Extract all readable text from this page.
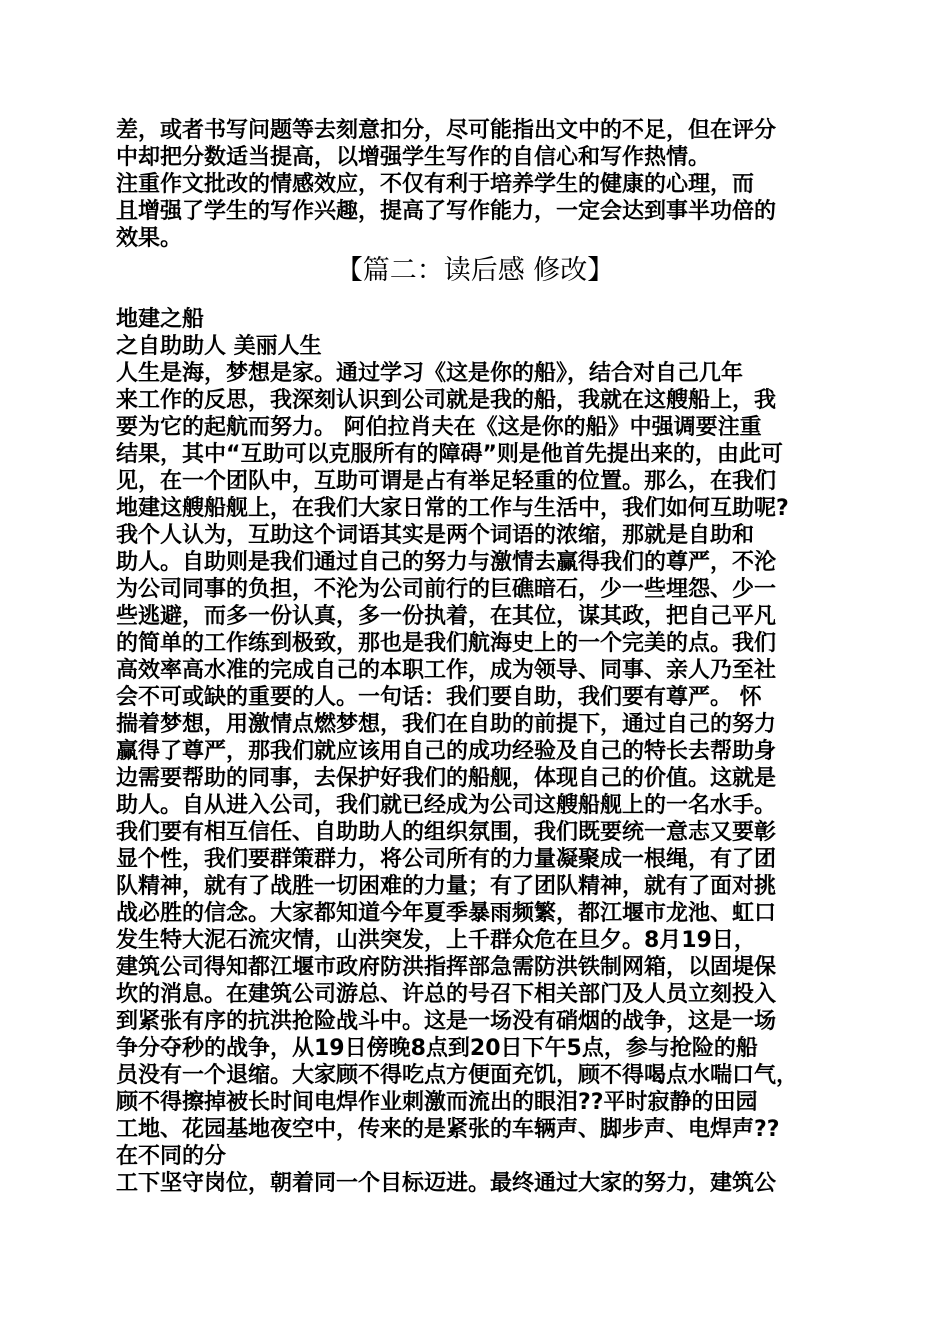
差，或者书写问题等去刻意扣分，尽可能指出文中的不足，但在评分
中却把分数适当提高，以增强学生写作的自信心和写作热情。
注重作文批改的情感效应，不仅有利于培养学生的健康的心理，而
且增强了学生的写作兴趣，提高了写作能力，一定会达到事半功倍的
效果。
【篇二：读后感 修改】
地建之船
之自助助人 美丽人生
人生是海，梦想是家。通过学习《这是你的船》，结合对自己几年
来工作的反思，我深刻认识到公司就是我的船，我就在这艘船上，我
要为它的起航而努力。 阿伯拉肖夫在《这是你的船》中强调要注重
结果，其中“互助可以克服所有的障碍”则是他首先提出来的，由此可
见，在一个团队中，互助可谓是占有举足轻重的位置。那么，在我们
地建这艘船舰上，在我们大家日常的工作与生活中，我们如何互助呢?
我个人认为，互助这个词语其实是两个词语的浓缩，那就是自助和
助人。自助则是我们通过自己的努力与激情去赢得我们的尊严，不沦
为公司同事的负担，不沦为公司前行的巨礁暗石，少一些埋怨、少一
些逃避，而多一份认真，多一份执着，在其位，谋其政，把自己平凡
的简单的工作练到极致，那也是我们航海史上的一个完美的点。我们
高效率高水准的完成自己的本职工作，成为领导、同事、亲人乃至社
会不可或缺的重要的人。一句话：我们要自助，我们要有尊严。 怀
揣着梦想，用激情点燃梦想，我们在自助的前提下，通过自己的努力
赢得了尊严，那我们就应该用自己的成功经验及自己的特长去帮助身
边需要帮助的同事，去保护好我们的船舰，体现自己的价值。这就是
助人。自从进入公司，我们就已经成为公司这艘船舰上的一名水手。
我们要有相互信任、自助助人的组织氛围，我们既要统一意志又要彰
显个性，我们要群策群力，将公司所有的力量凝聚成一根绳，有了团
队精神，就有了战胜一切困难的力量；有了团队精神，就有了面对挑
战必胜的信念。大家都知道今年夏季暴雨频繁，都江堰市龙池、虹口
发生特大泥石流灾情，山洪突发，上千群众危在旦夕。8月19日，
建筑公司得知都江堰市政府防洪指挥部急需防洪铁制网箱，以固堤保
坎的消息。在建筑公司游总、许总的号召下相关部门及人员立刻投入
到紧张有序的抗洪抢险战斗中。这是一场没有硝烟的战争，这是一场
争分夺秒的战争，从19日傍晚8点到20日下午5点，参与抢险的船
员没有一个退缩。大家顾不得吃点方便面充饥，顾不得喝点水喘口气，
顾不得擦掉被长时间电焊作业刺激而流出的眼泪??平时寂静的田园
工地、花园基地夜空中，传来的是紧张的车辆声、脚步声、电焊声??
在不同的分
工下坚守岗位，朝着同一个目标迈进。最终通过大家的努力，建筑公
